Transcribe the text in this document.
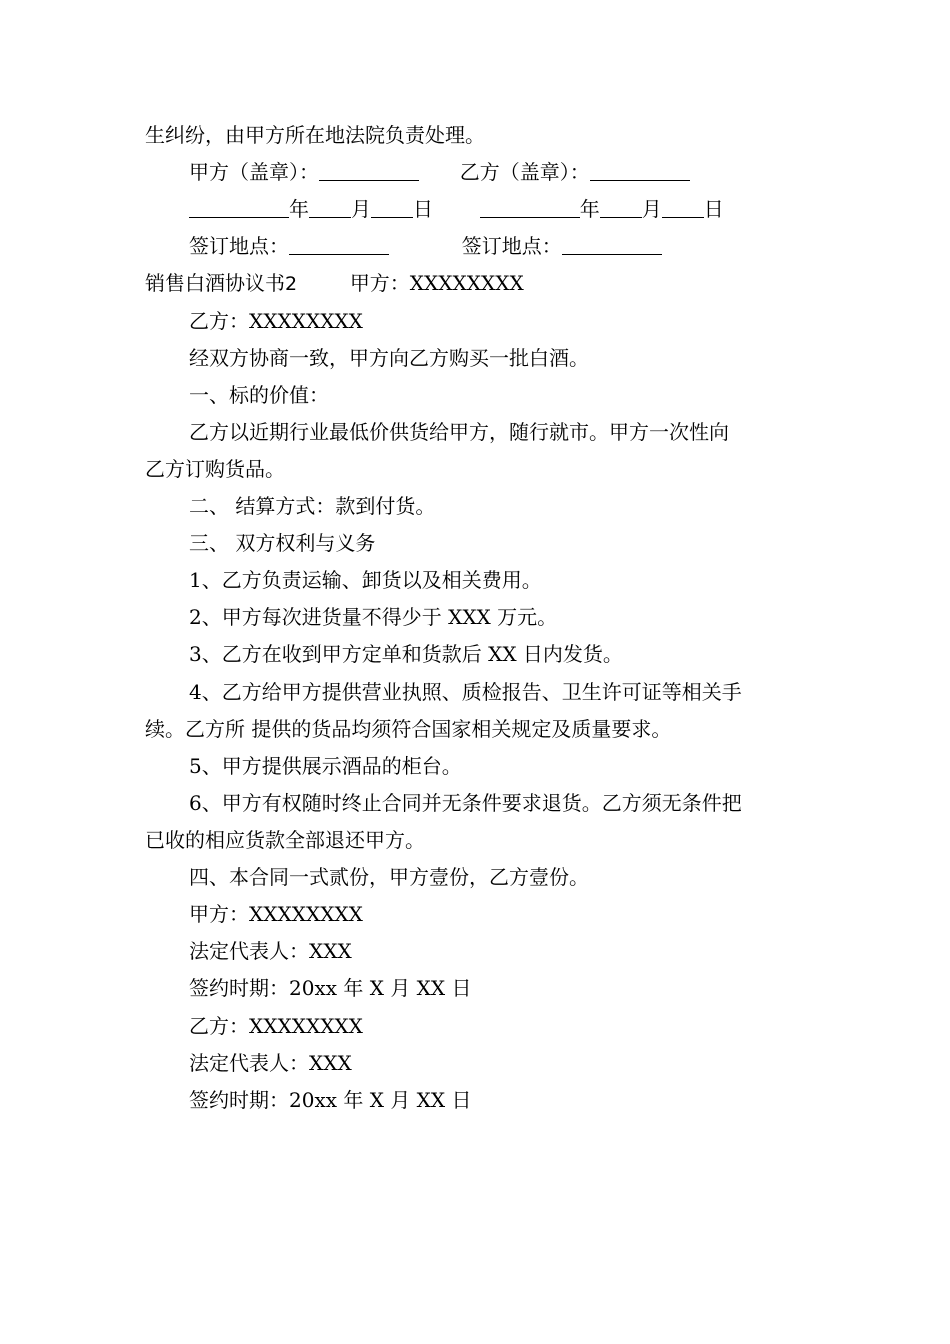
生纠纷，由甲方所在地法院负责处理。
甲方（盖章）：	乙方（盖章）：
年 月 日	年 月 日
签订地点：	签订地点：
销售白酒协议书2	甲方：XXXXXXXX
乙方：XXXXXXXX
经双方协商一致，甲方向乙方购买一批白酒。
一、标的价值：
乙方以近期行业最低价供货给甲方，随行就市。甲方一次性向
乙方订购货品。
二、 结算方式：款到付货。
三、 双方权利与义务
1、乙方负责运输、卸货以及相关费用。
2、甲方每次进货量不得少于 XXX 万元。
3、乙方在收到甲方定单和货款后 XX 日内发货。
4、乙方给甲方提供营业执照、质检报告、卫生许可证等相关手
续。乙方所 提供的货品均须符合国家相关规定及质量要求。
5、甲方提供展示酒品的柜台。
6、甲方有权随时终止合同并无条件要求退货。乙方须无条件把
已收的相应货款全部退还甲方。
四、本合同一式贰份，甲方壹份，乙方壹份。
甲方：XXXXXXXX
法定代表人：XXX
签约时期：20xx 年 X 月 XX 日
乙方：XXXXXXXX
法定代表人：XXX
签约时期：20xx 年 X 月 XX 日
